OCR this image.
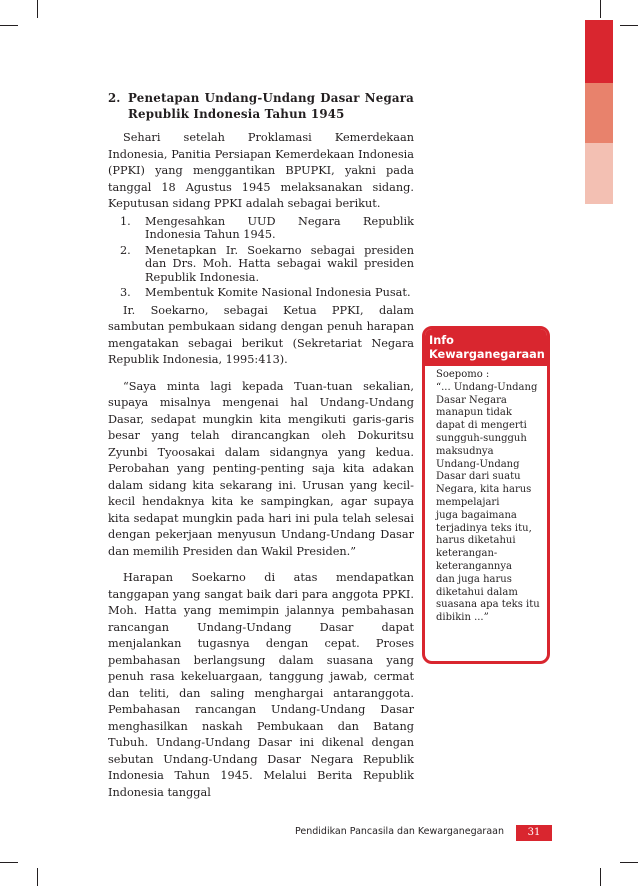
2. Penetapan Undang-Undang Dasar Negara Republik Indonesia Tahun 1945

Sehari setelah Proklamasi Kemerdekaan Indonesia, Panitia Persiapan Kemerdekaan Indonesia (PPKI) yang menggantikan BPUPKI, yakni pada tanggal 18 Agustus 1945 melaksanakan sidang. Keputusan sidang PPKI adalah sebagai berikut.

1.	Mengesahkan UUD Negara Republik Indonesia Tahun 1945.
2.	Menetapkan Ir. Soekarno sebagai presiden dan Drs. Moh. Hatta sebagai wakil presiden Republik Indonesia.
3.	Membentuk Komite Nasional Indonesia Pusat.

Ir. Soekarno, sebagai Ketua PPKI, dalam sambutan pembukaan sidang dengan penuh harapan mengatakan sebagai berikut (Sekretariat Negara Republik Indonesia, 1995:413).

“Saya minta lagi kepada Tuan-tuan sekalian, supaya misalnya mengenai hal Undang-Undang Dasar, sedapat mungkin kita mengikuti garis-garis besar yang telah dirancangkan oleh Dokuritsu Zyunbi Tyoosakai dalam sidangnya yang kedua. Perobahan yang penting-penting saja kita adakan dalam sidang kita sekarang ini. Urusan yang kecil-kecil hendaknya kita ke sampingkan, agar supaya kita sedapat mungkin pada hari ini pula telah selesai dengan pekerjaan menyusun Undang-Undang Dasar dan memilih Presiden dan Wakil Presiden.”

Harapan Soekarno di atas mendapatkan tanggapan yang sangat baik dari para anggota PPKI. Moh. Hatta yang memimpin jalannya pembahasan rancangan Undang-Undang Dasar dapat menjalankan tugasnya dengan cepat. Proses pembahasan berlangsung dalam suasana yang penuh rasa kekeluargaan, tanggung jawab, cermat dan teliti, dan saling menghargai antaranggota. Pembahasan rancangan Undang-Undang Dasar menghasilkan naskah Pembukaan dan Batang Tubuh. Undang-Undang Dasar ini dikenal dengan sebutan Undang-Undang Dasar Negara Republik Indonesia Tahun 1945. Melalui Berita Republik Indonesia tanggal

Info
Kewarganegaraan
Soepomo :
“... Undang-Undang
Dasar Negara
manapun tidak
dapat di mengerti
sungguh-sungguh
maksudnya
Undang-Undang
Dasar dari suatu
Negara, kita harus
mempelajari
juga bagaimana
terjadinya teks itu,
harus diketahui
keterangan-
keterangannya
dan juga harus
diketahui dalam
suasana apa teks itu
dibikin ...”
Pendidikan Pancasila dan Kewarganegaraan	31
